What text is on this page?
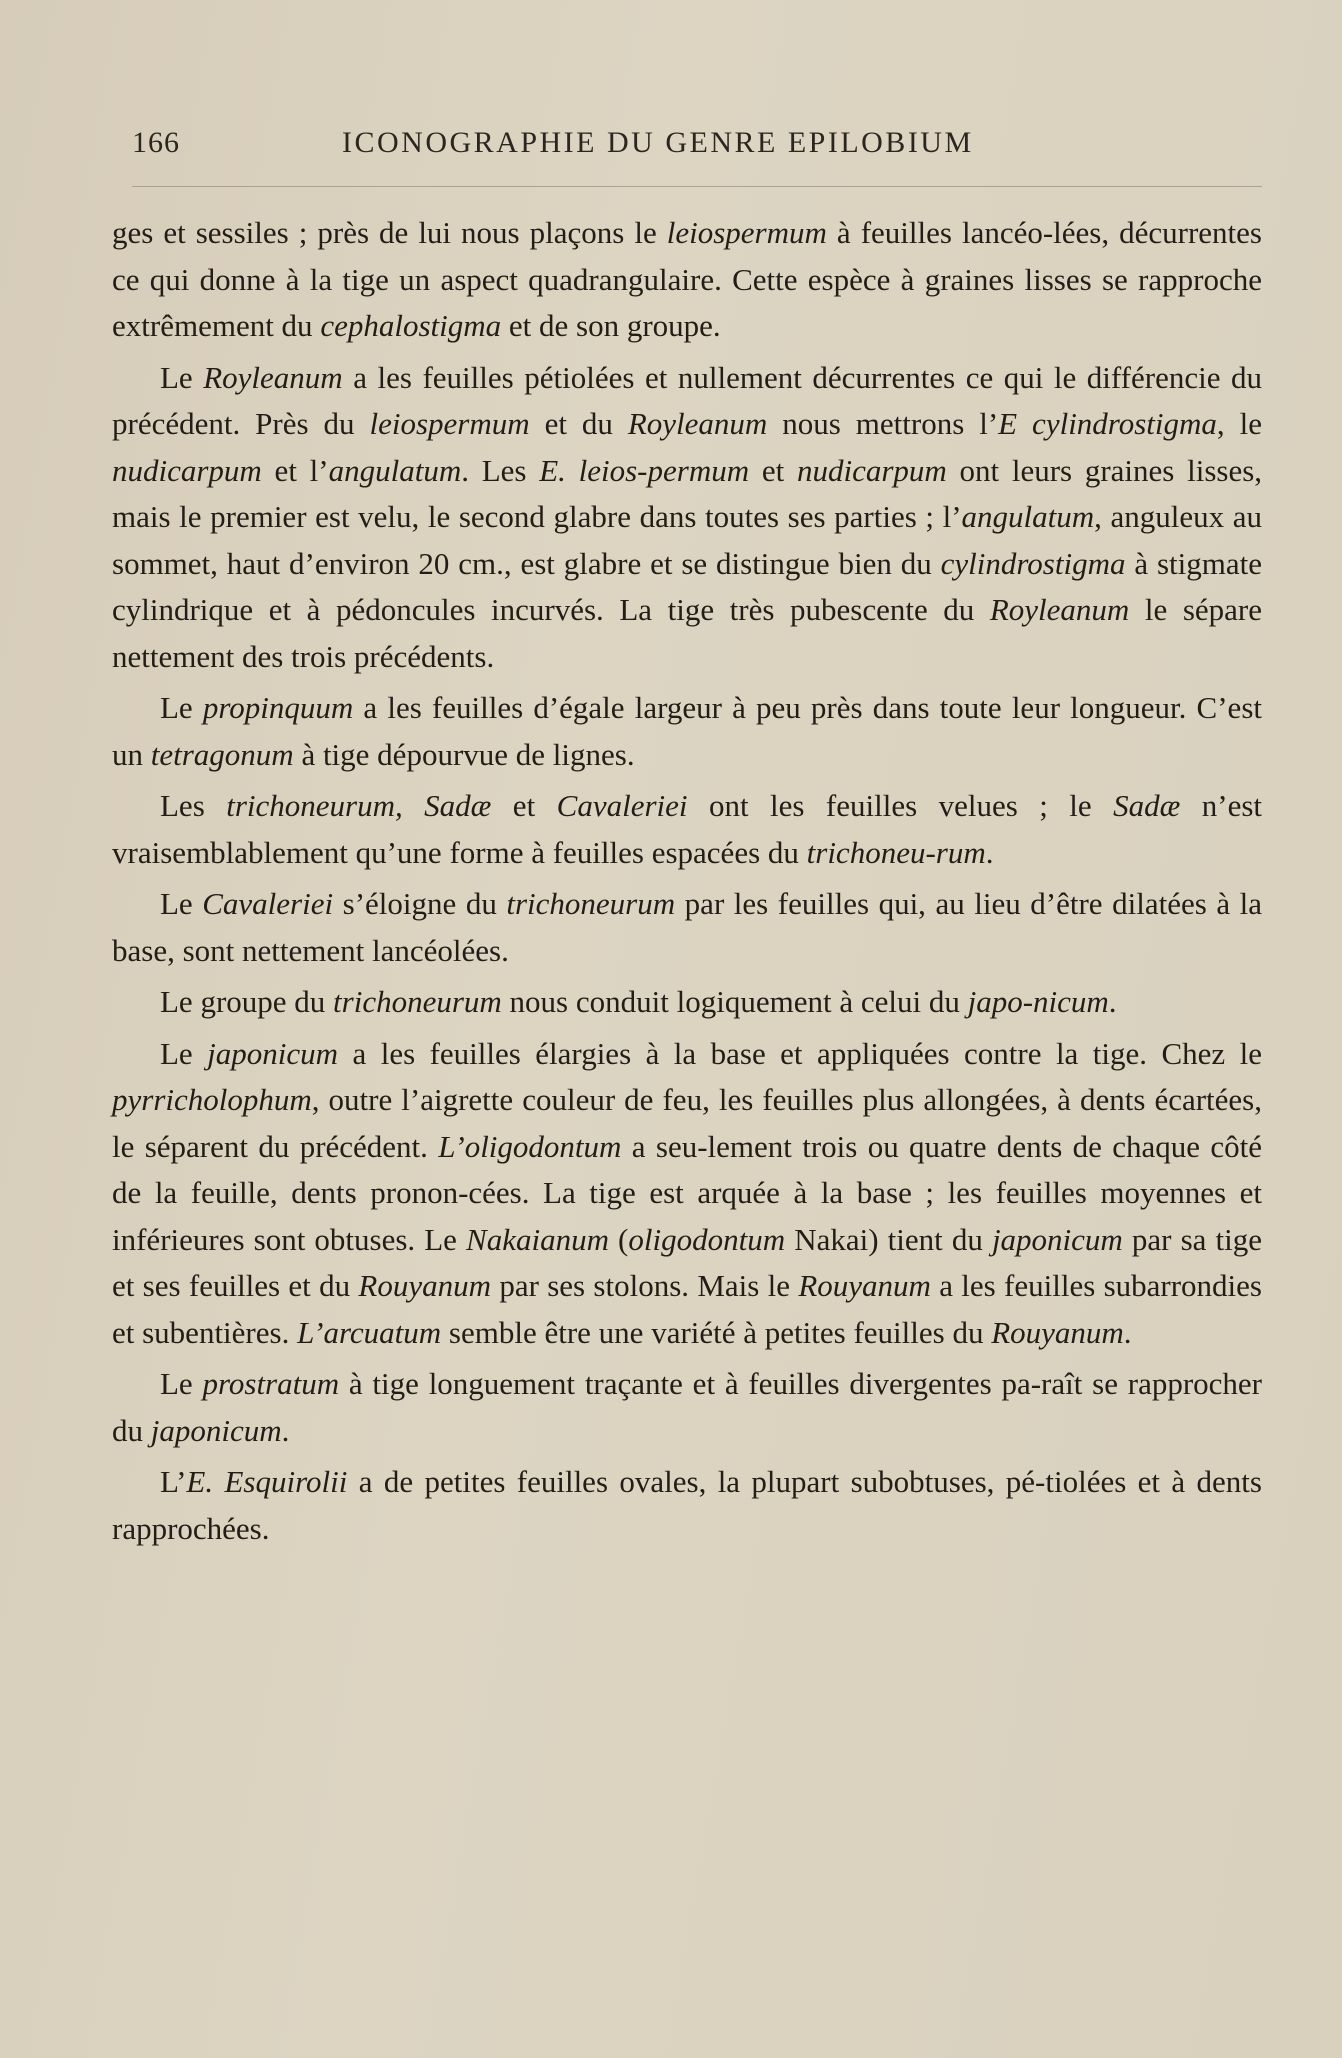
166	ICONOGRAPHIE DU GENRE EPILOBIUM

ges et sessiles ; près de lui nous plaçons le leiospermum à feuilles lancéo-lées, décurrentes ce qui donne à la tige un aspect quadrangulaire. Cette espèce à graines lisses se rapproche extrêmement du cephalostigma et de son groupe.

Le Royleanum a les feuilles pétiolées et nullement décurrentes ce qui le différencie du précédent. Près du leiospermum et du Royleanum nous mettrons l’E cylindrostigma, le nudicarpum et l’angulatum. Les E. leios-permum et nudicarpum ont leurs graines lisses, mais le premier est velu, le second glabre dans toutes ses parties ; l’angulatum, anguleux au sommet, haut d’environ 20 cm., est glabre et se distingue bien du cylindrostigma à stigmate cylindrique et à pédoncules incurvés. La tige très pubescente du Royleanum le sépare nettement des trois précédents.

Le propinquum a les feuilles d’égale largeur à peu près dans toute leur longueur. C’est un tetragonum à tige dépourvue de lignes.

Les trichoneurum, Sadæ et Cavaleriei ont les feuilles velues ; le Sadæ n’est vraisemblablement qu’une forme à feuilles espacées du trichoneu-rum.

Le Cavaleriei s’éloigne du trichoneurum par les feuilles qui, au lieu d’être dilatées à la base, sont nettement lancéolées.

Le groupe du trichoneurum nous conduit logiquement à celui du japo-nicum.

Le japonicum a les feuilles élargies à la base et appliquées contre la tige. Chez le pyrricholophum, outre l’aigrette couleur de feu, les feuilles plus allongées, à dents écartées, le séparent du précédent. L’oligodontum a seu-lement trois ou quatre dents de chaque côté de la feuille, dents pronon-cées. La tige est arquée à la base ; les feuilles moyennes et inférieures sont obtuses. Le Nakaianum (oligodontum Nakai) tient du japonicum par sa tige et ses feuilles et du Rouyanum par ses stolons. Mais le Rouyanum a les feuilles subarrondies et subentières. L’arcuatum semble être une variété à petites feuilles du Rouyanum.

Le prostratum à tige longuement traçante et à feuilles divergentes pa-raît se rapprocher du japonicum.

L’E. Esquirolii a de petites feuilles ovales, la plupart subobtuses, pé-tiolées et à dents rapprochées.
